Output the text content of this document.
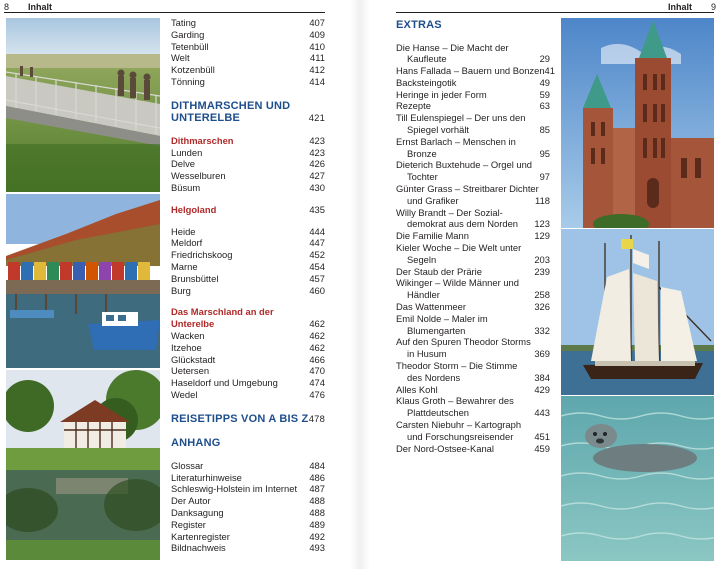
8 Inhalt
Tating	407
Garding	409
Tetenbüll	410
Welt	411
Kotzenbüll	412
Tönning	414
DITHMARSCHEN UND
UNTERELBE	421
Dithmarschen	423
Lunden	423
Delve	426
Wesselburen	427
Büsum	430
Helgoland	435
Heide	444
Meldorf	447
Friedrichskoog	452
Marne	454
Brunsbüttel	457
Burg	460
Das Marschland an der
Unterelbe	462
Wacken	462
Itzehoe	462
Glückstadt	466
Uetersen	470
Haseldorf und Umgebung	474
Wedel	476
REISETIPPS VON A BIS Z 478
ANHANG
Glossar	484
Literaturhinweise	486
Schleswig-Holstein im Internet 487
Der Autor	488
Danksagung	488
Register	489
Kartenregister	492
Bildnachweis	493
Inhalt 9
EXTRAS
Die Hanse – Die Macht der
Kaufleute	29
Hans Fallada – Bauern und Bonzen 41
Backsteingotik	49
Heringe in jeder Form	59
Rezepte	63
Till Eulenspiegel – Der uns den
Spiegel vorhält	85
Ernst Barlach – Menschen in
Bronze	95
Dieterich Buxtehude – Orgel und
Tochter	97
Günter Grass – Streitbarer Dichter
und Grafiker	118
Willy Brandt – Der Sozial-
demokrat aus dem Norden 123
Die Familie Mann	129
Kieler Woche – Die Welt unter
Segeln	203
Der Staub der Prärie	239
Wikinger – Wilde Männer und
Händler	258
Das Wattenmeer	326
Emil Nolde – Maler im
Blumengarten	332
Auf den Spuren Theodor Storms
in Husum	369
Theodor Storm – Die Stimme
des Nordens	384
Alles Kohl	429
Klaus Groth – Bewahrer des
Plattdeutschen	443
Carsten Niebuhr – Kartograph
und Forschungsreisender 451
Der Nord-Ostsee-Kanal	459
